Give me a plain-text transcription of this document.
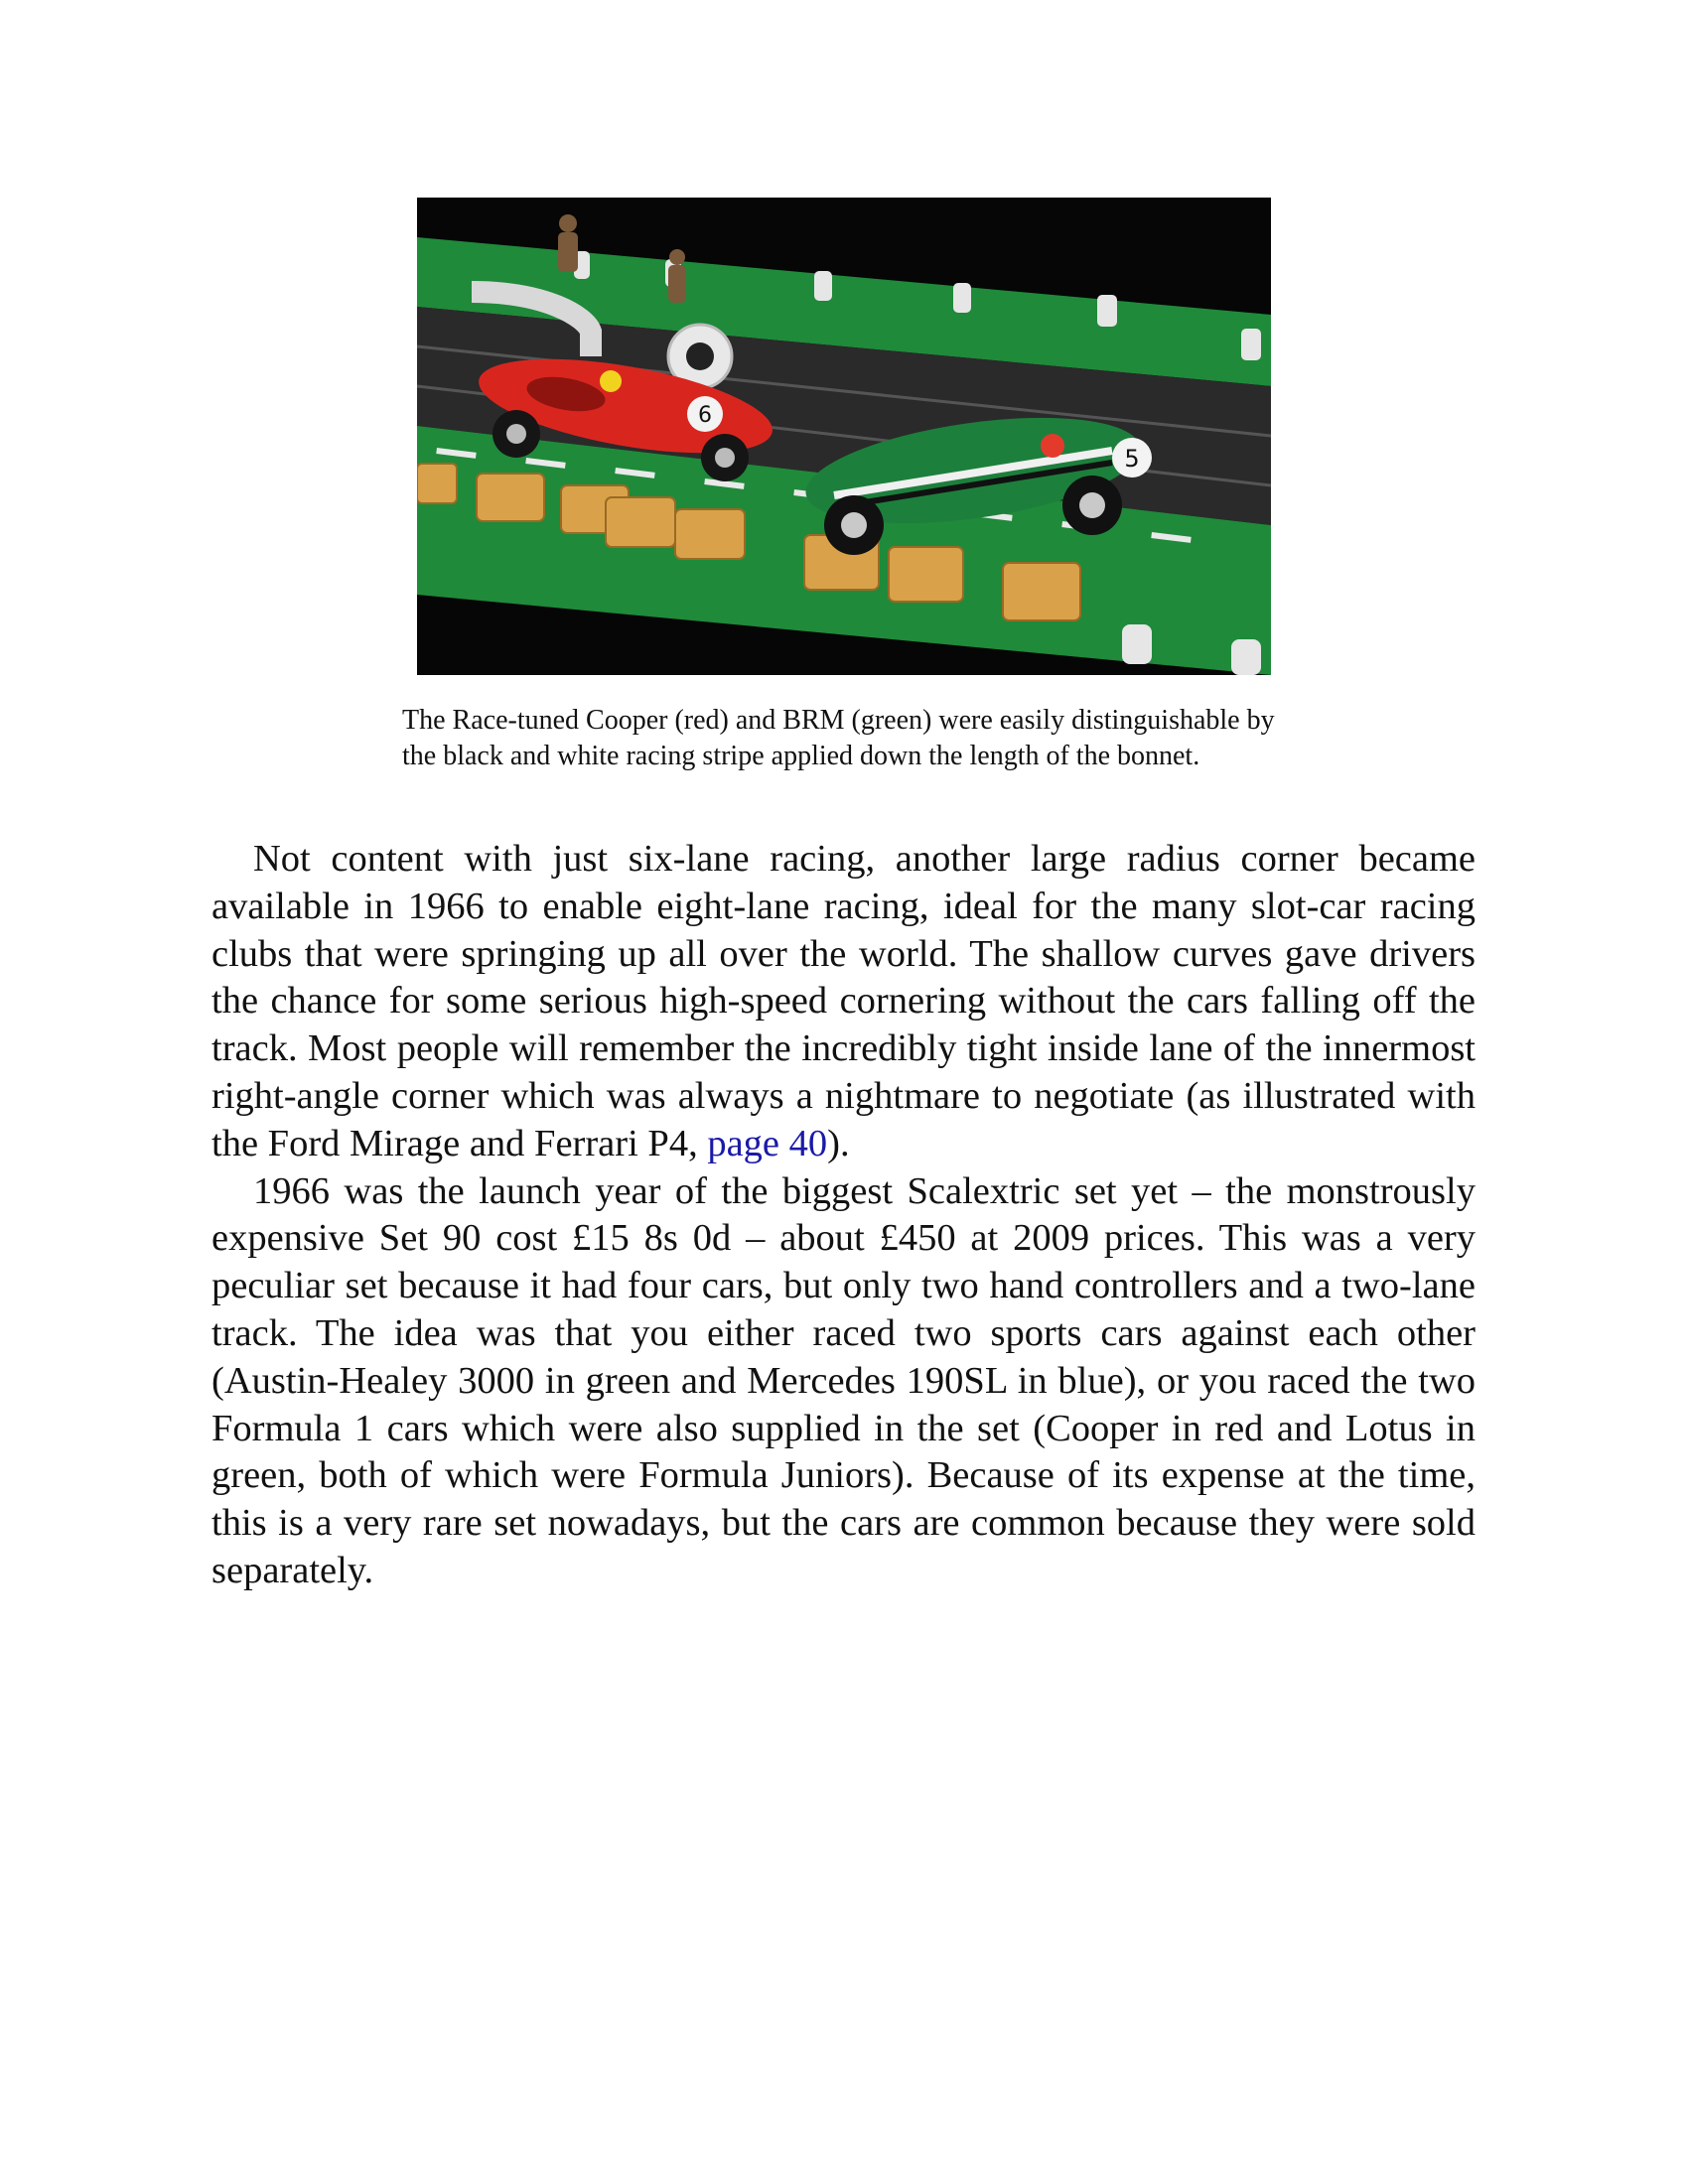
6
5

The Race-tuned Cooper (red) and BRM (green) were easily distinguishable by the black and white racing stripe applied down the length of the bonnet.

Not content with just six-lane racing, another large radius corner became available in 1966 to enable eight-lane racing, ideal for the many slot-car racing clubs that were springing up all over the world. The shallow curves gave drivers the chance for some serious high-speed cornering without the cars falling off the track. Most people will remember the incredibly tight inside lane of the innermost right-angle corner which was always a nightmare to negotiate (as illustrated with the Ford Mirage and Ferrari P4, page 40).

1966 was the launch year of the biggest Scalextric set yet – the monstrously expensive Set 90 cost £15 8s 0d – about £450 at 2009 prices. This was a very peculiar set because it had four cars, but only two hand controllers and a two-lane track. The idea was that you either raced two sports cars against each other (Austin-Healey 3000 in green and Mercedes 190SL in blue), or you raced the two Formula 1 cars which were also supplied in the set (Cooper in red and Lotus in green, both of which were Formula Juniors). Because of its expense at the time, this is a very rare set nowadays, but the cars are common because they were sold separately.
